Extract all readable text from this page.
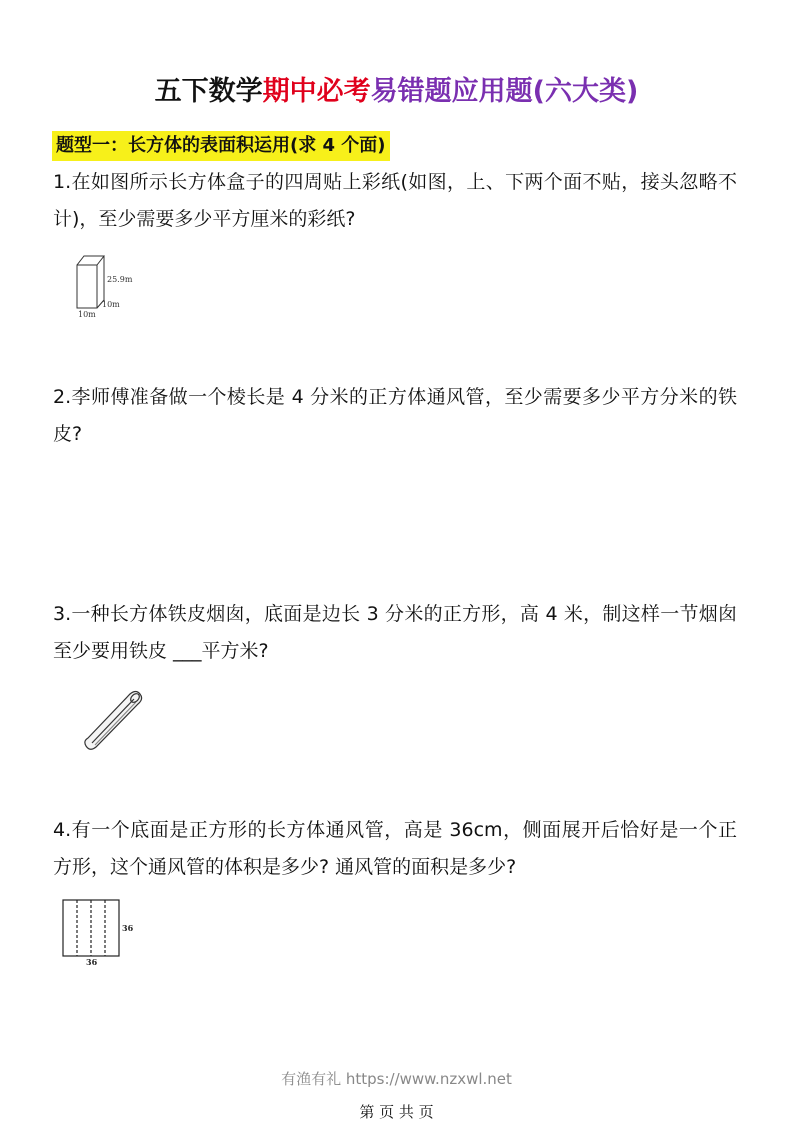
五下数学期中必考易错题应用题(六大类)
题型一：长方体的表面积运用(求 4 个面)
1.在如图所示长方体盒子的四周贴上彩纸(如图，上、下两个面不贴，接头忽略不计)，至少需要多少平方厘米的彩纸?
25.9m
10m
10m
2.李师傅准备做一个棱长是 4 分米的正方体通风管，至少需要多少平方分米的铁皮?
3.一种长方体铁皮烟囱，底面是边长 3 分米的正方形，高 4 米，制这样一节烟囱至少要用铁皮 ___平方米?
4.有一个底面是正方形的长方体通风管，高是 36cm，侧面展开后恰好是一个正方形，这个通风管的体积是多少? 通风管的面积是多少?
36
36
有渔有礼 https://www.nzxwl.net
第 页 共 页
